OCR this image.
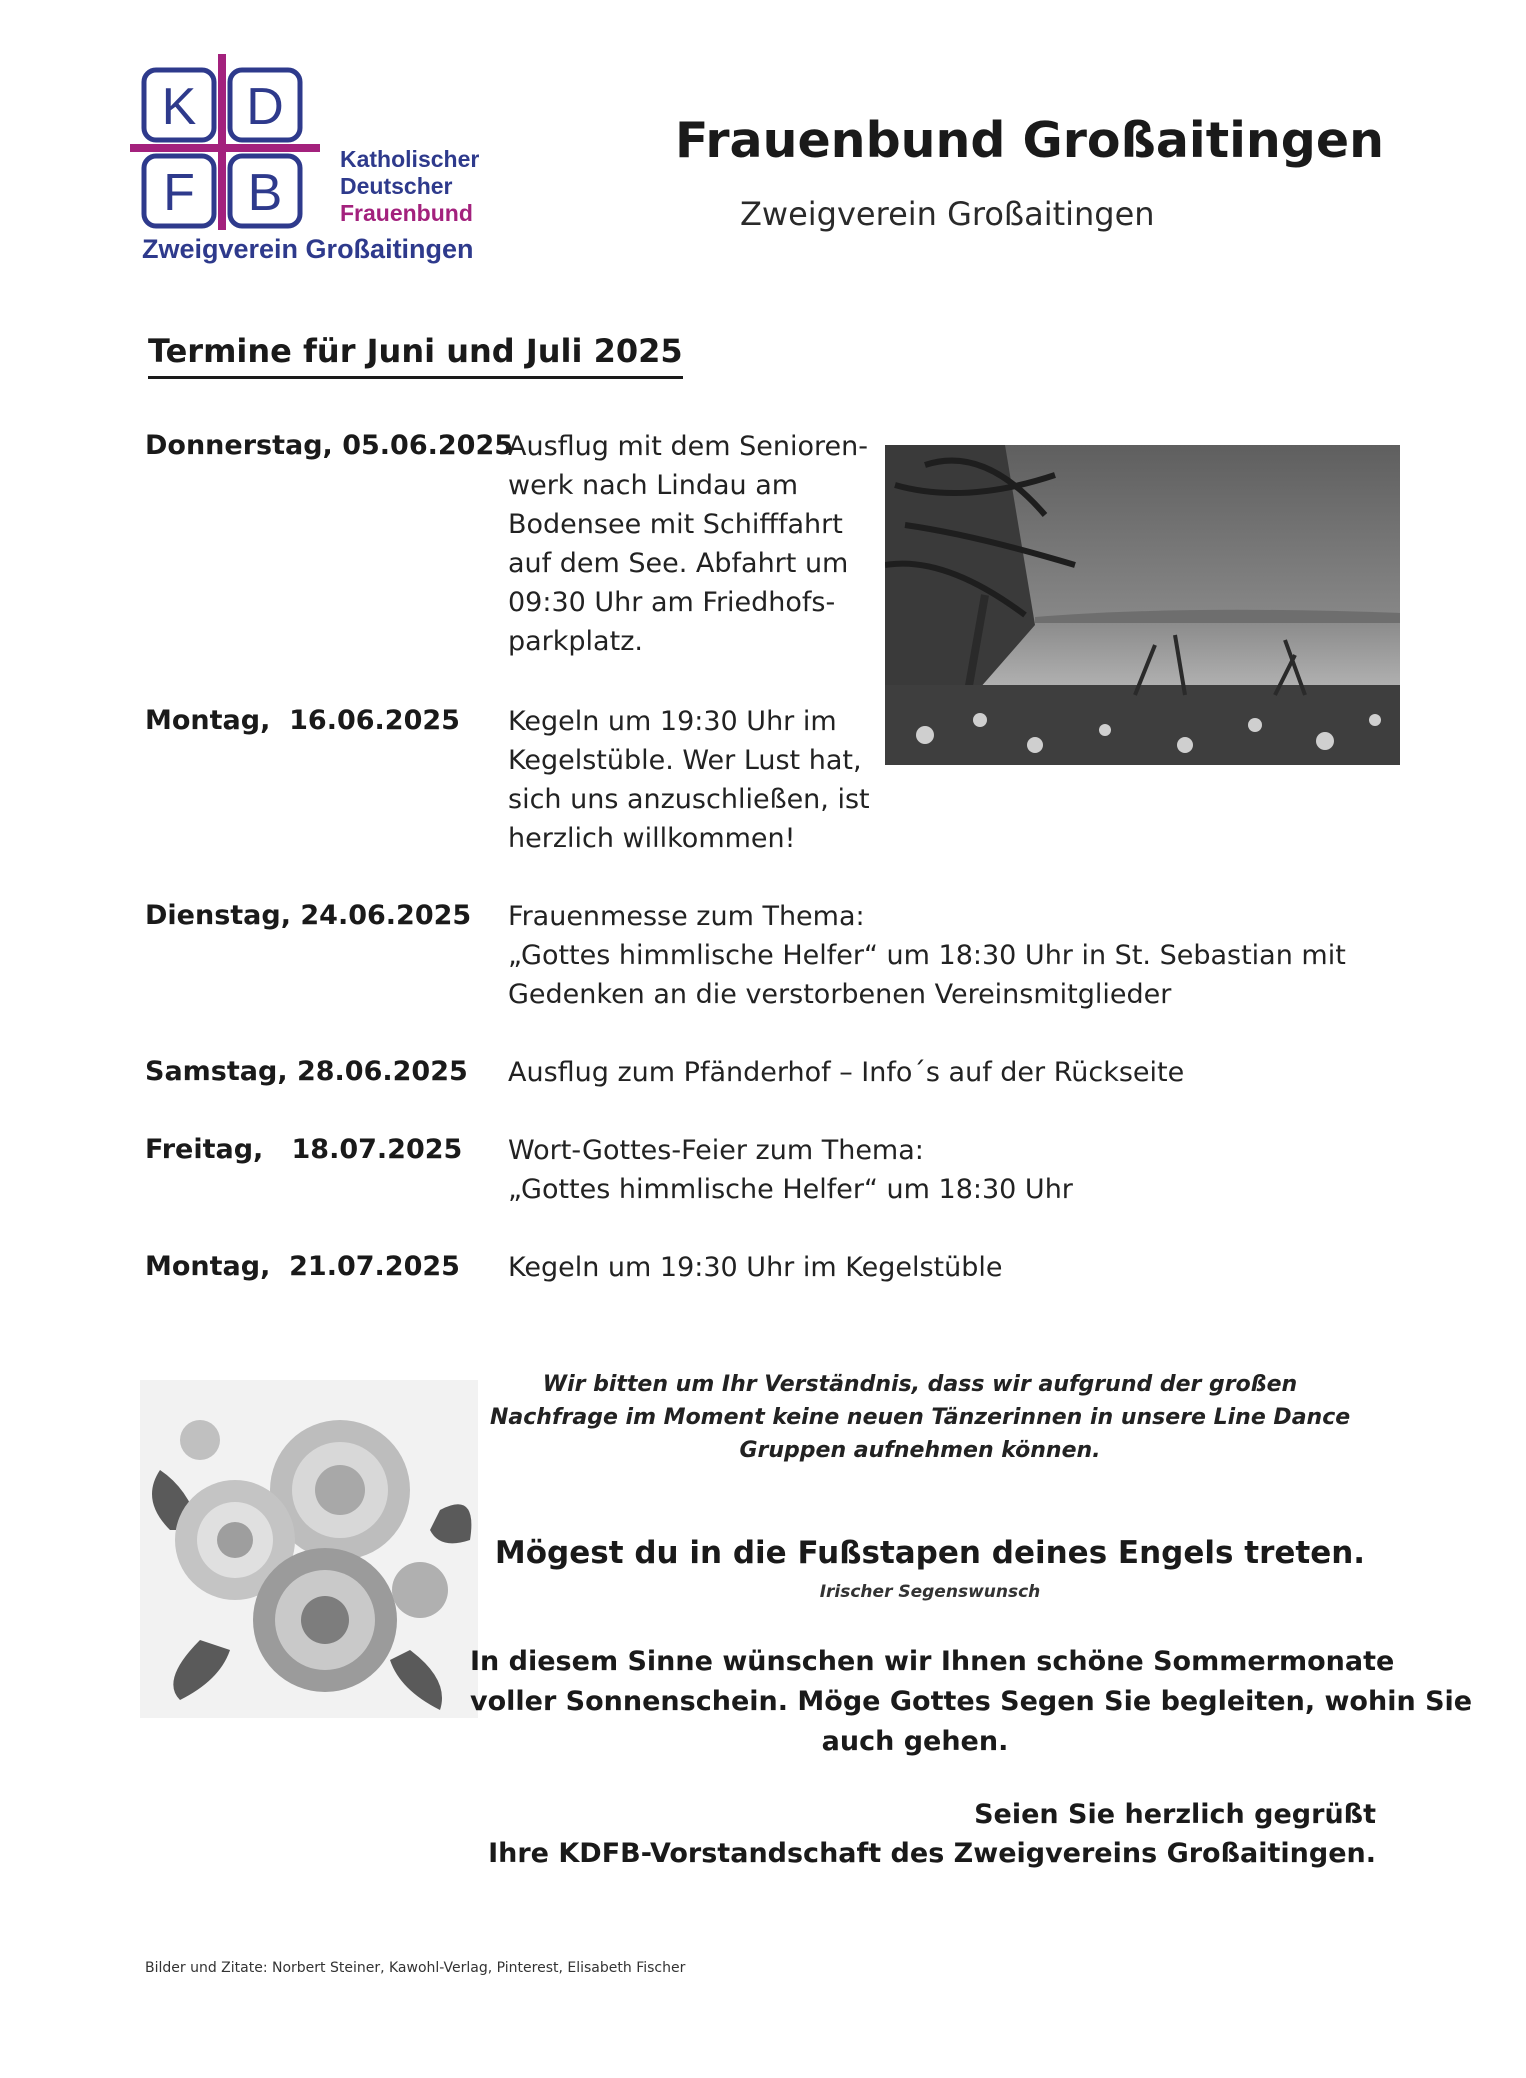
K D
F B
Katholischer
Deutscher
Frauenbund
Zweigverein Großaitingen
Frauenbund Großaitingen
Zweigverein Großaitingen
Termine für Juni und Juli 2025
Donnerstag, 05.06.2025
Ausflug mit dem Senioren-
werk nach Lindau am
Bodensee mit Schifffahrt
auf dem See. Abfahrt um
09:30 Uhr am Friedhofs-
parkplatz.
Montag,  16.06.2025 Kegeln um 19:30 Uhr im
Kegelstüble. Wer Lust hat,
sich uns anzuschließen, ist
herzlich willkommen!
Dienstag, 24.06.2025 Frauenmesse zum Thema:
„Gottes himmlische Helfer“ um 18:30 Uhr in St. Sebastian mit
Gedenken an die verstorbenen Vereinsmitglieder
Samstag, 28.06.2025 Ausflug zum Pfänderhof – Info´s auf der Rückseite
Freitag,   18.07.2025 Wort-Gottes-Feier zum Thema:
„Gottes himmlische Helfer“ um 18:30 Uhr
Montag,  21.07.2025 Kegeln um 19:30 Uhr im Kegelstüble
Wir bitten um Ihr Verständnis, dass wir aufgrund der großen
Nachfrage im Moment keine neuen Tänzerinnen in unsere Line Dance
Gruppen aufnehmen können.
Mögest du in die Fußstapen deines Engels treten.
Irischer Segenswunsch
In diesem Sinne wünschen wir Ihnen schöne Sommermonate
voller Sonnenschein. Möge Gottes Segen Sie begleiten, wohin Sie
auch gehen.
Seien Sie herzlich gegrüßt
Ihre KDFB-Vorstandschaft des Zweigvereins Großaitingen.
Bilder und Zitate: Norbert Steiner, Kawohl-Verlag, Pinterest, Elisabeth Fischer
